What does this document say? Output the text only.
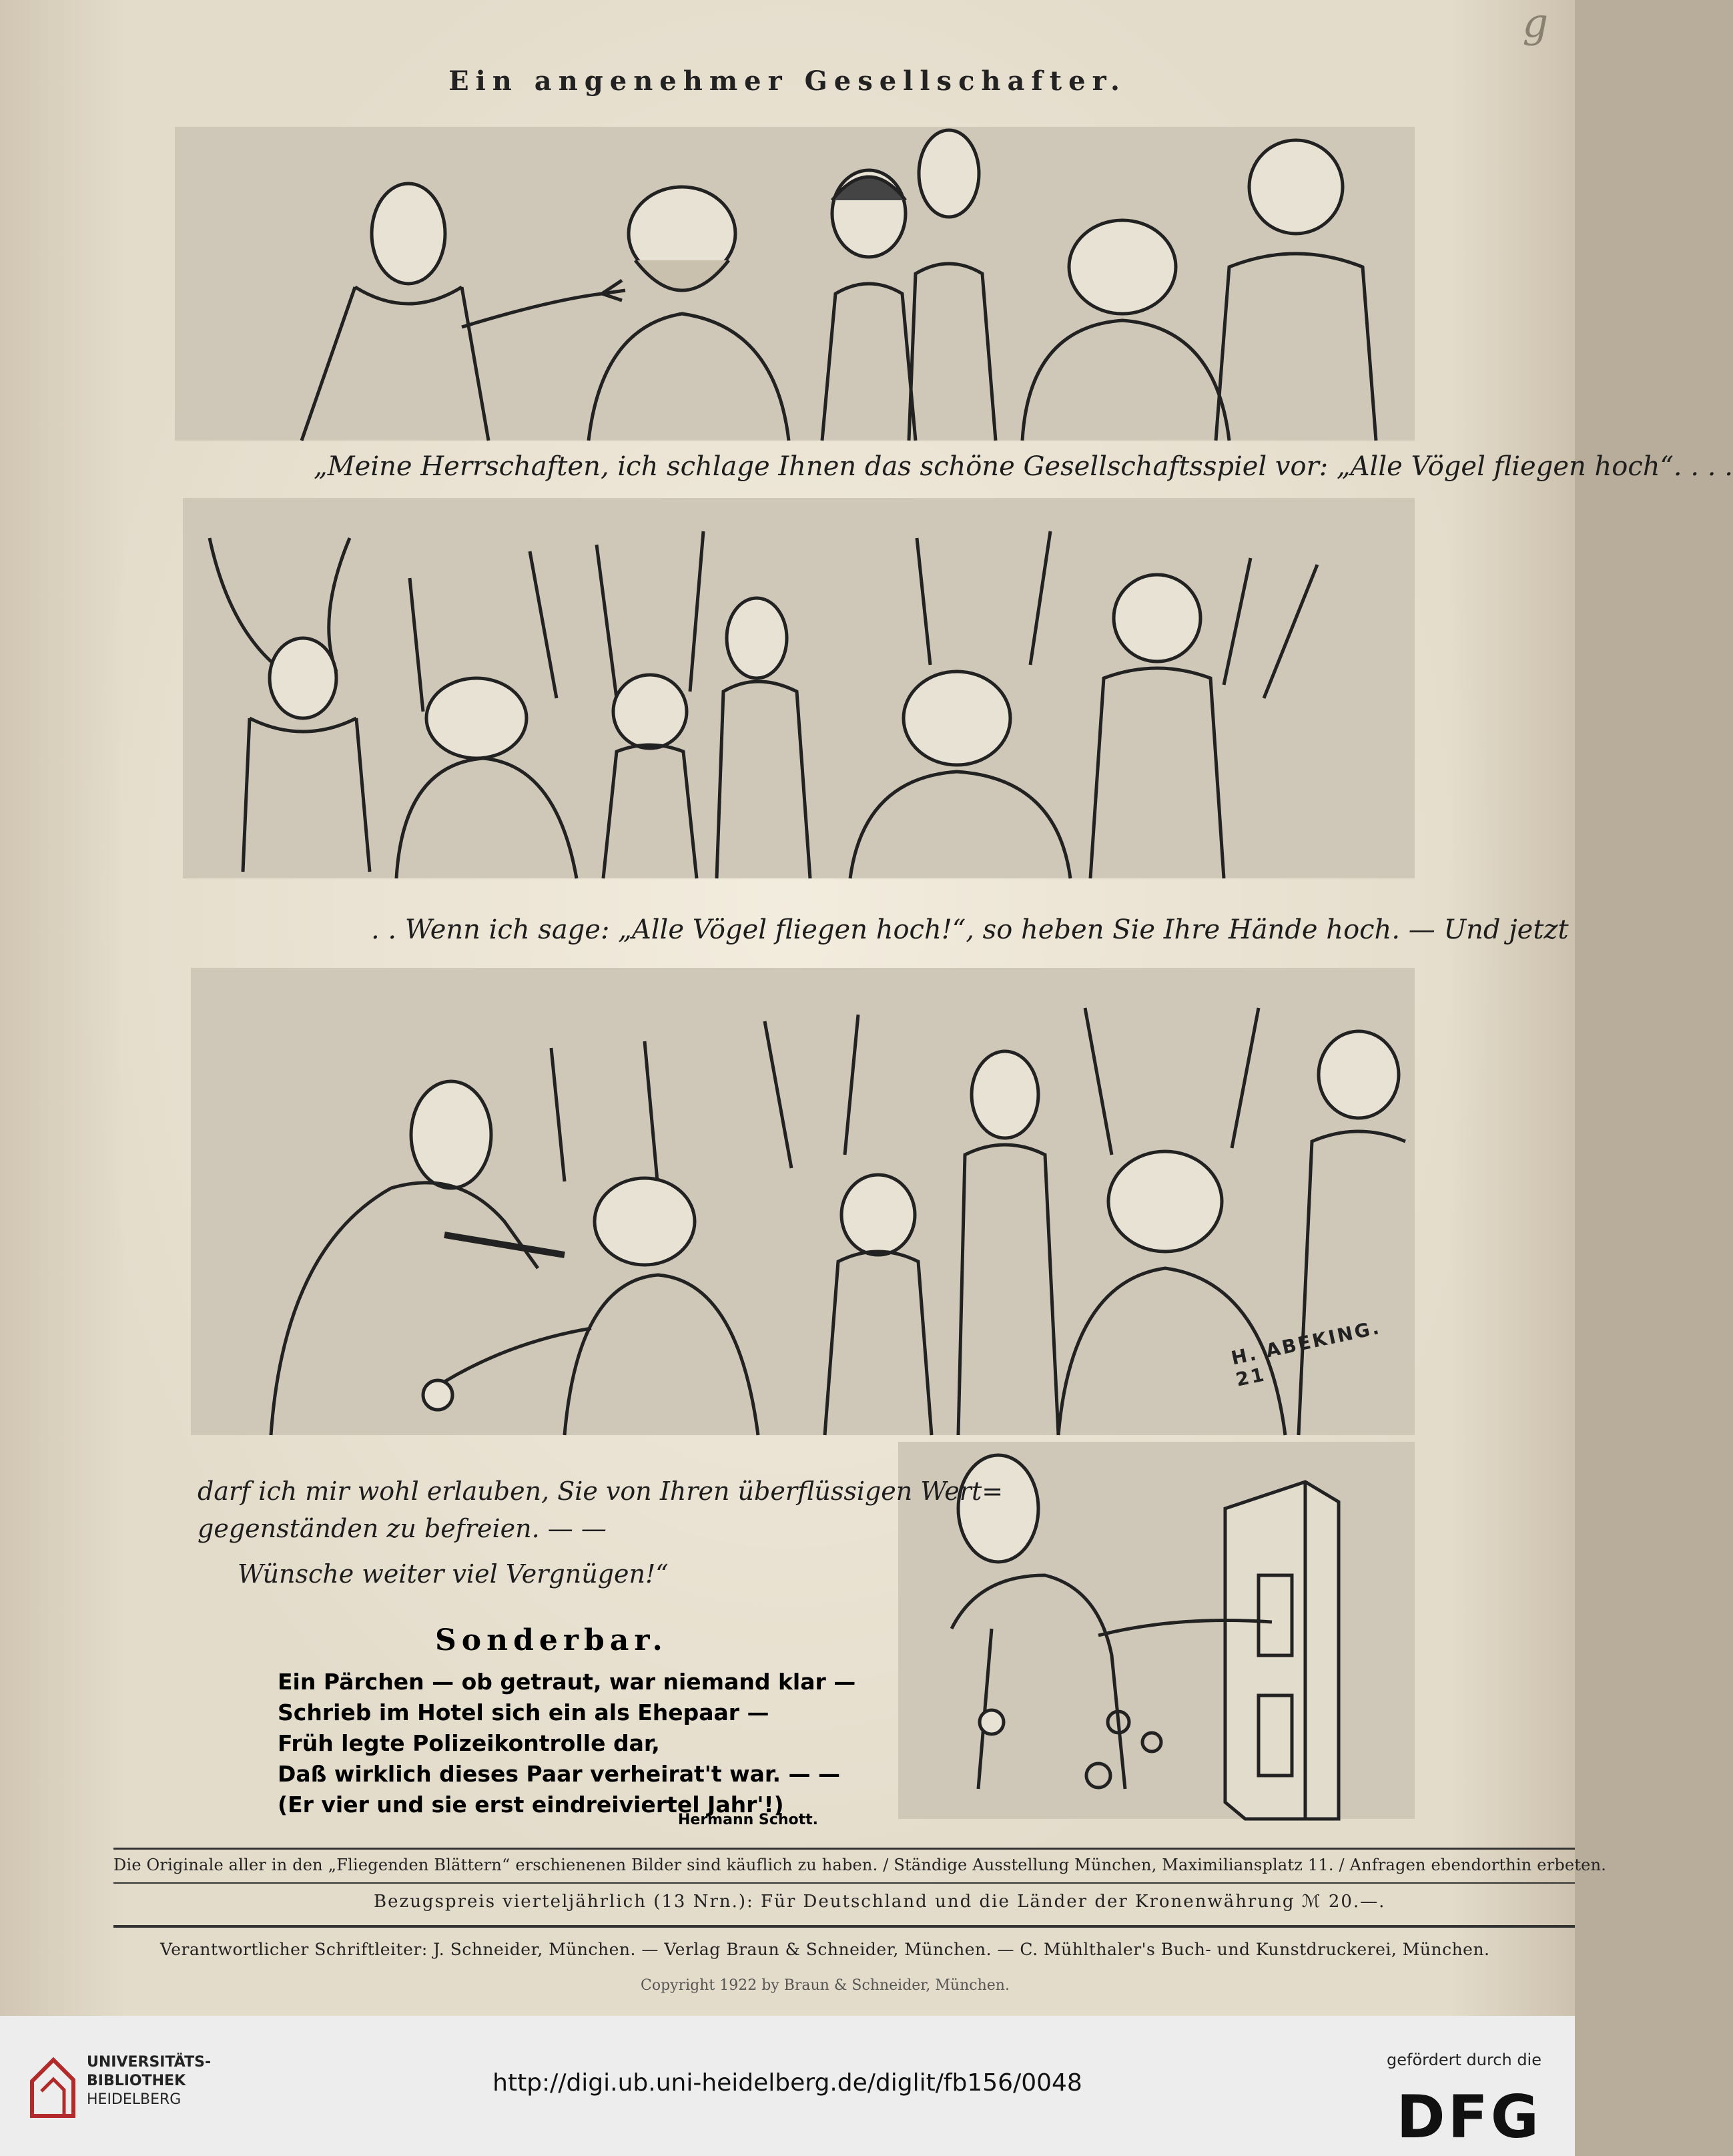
g
Ein angenehmer Gesellschafter.
„Meine Herrschaften, ich schlage Ihnen das schöne Gesellschaftsspiel vor: „Alle Vögel fliegen hoch“. . . .
. . Wenn ich sage: „Alle Vögel fliegen hoch!“, so heben Sie Ihre Hände hoch. — Und jetzt
H. ABEKING. 21
darf ich mir wohl erlauben, Sie von Ihren überflüssigen Wert=
gegenständen zu befreien. — —
Wünsche weiter viel Vergnügen!“
Sonderbar.
Ein Pärchen — ob getraut, war niemand klar —
Schrieb im Hotel sich ein als Ehepaar —
Früh legte Polizeikontrolle dar,
Daß wirklich dieses Paar verheirat't war. — —
(Er vier und sie erst eindreiviertel Jahr'!)
Hermann Schott.
Die Originale aller in den „Fliegenden Blättern“ erschienenen Bilder sind käuflich zu haben. / Ständige Ausstellung München, Maximiliansplatz 11. / Anfragen ebendorthin erbeten.
Bezugspreis vierteljährlich (13 Nrn.): Für Deutschland und die Länder der Kronenwährung ℳ 20.—.
Verantwortlicher Schriftleiter: J. Schneider, München. — Verlag Braun & Schneider, München. — C. Mühlthaler's Buch- und Kunstdruckerei, München.
Copyright 1922 by Braun & Schneider, München.
UNIVERSITÄTS-
BIBLIOTHEK
HEIDELBERG
http://digi.ub.uni-heidelberg.de/diglit/fb156/0048
gefördert durch die
DFG
